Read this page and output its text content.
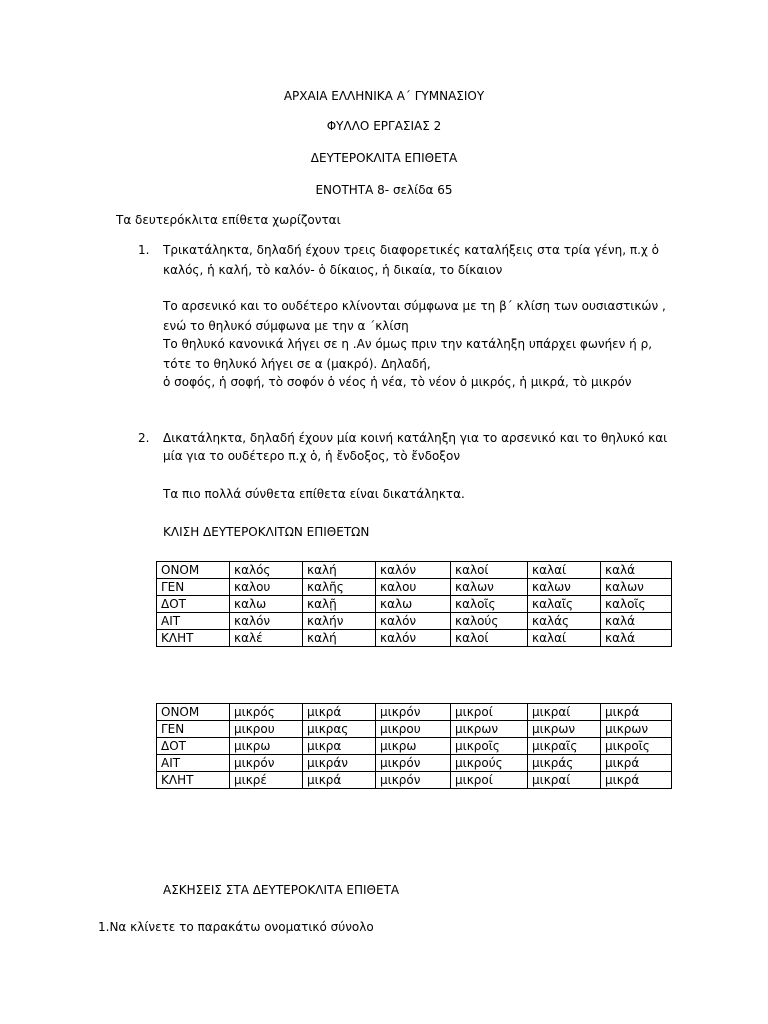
ΑΡΧΑΙΑ ΕΛΛΗΝΙΚΑ Α΄ ΓΥΜΝΑΣΙΟΥ
ΦΥΛΛΟ ΕΡΓΑΣΙΑΣ 2
ΔΕΥΤΕΡΟΚΛΙΤΑ ΕΠΙΘΕΤΑ
ΕΝΟΤΗΤΑ 8- σελίδα 65
Τα δευτερόκλιτα επίθετα χωρίζονται
1. Τρικατάληκτα, δηλαδή έχουν τρεις διαφορετικές καταλήξεις στα τρία γένη, π.χ ὁ
καλός, ἡ καλή, τὸ καλόν- ὁ δίκαιος, ἡ δικαία, το δίκαιον
Το αρσενικό και το ουδέτερο κλίνονται σύμφωνα με τη β΄ κλίση των ουσιαστικών ,
ενώ το θηλυκό σύμφωνα με την α ΄κλίση
Το θηλυκό κανονικά λήγει σε η .Αν όμως πριν την κατάληξη υπάρχει φωνήεν ή ρ,
τότε το θηλυκό λήγει σε α (μακρό). Δηλαδή,
ὁ σοφός, ἡ σοφή, τὸ σοφόν ὁ νέος ἡ νέα, τὸ νέον ὁ μικρός, ἡ μικρά, τὸ μικρόν
2. Δικατάληκτα, δηλαδή έχουν μία κοινή κατάληξη για το αρσενικό και το θηλυκό και
μία για το ουδέτερο π.χ ὁ, ἡ ἔνδοξος, τὸ ἔνδοξον
Τα πιο πολλά σύνθετα επίθετα είναι δικατάληκτα.
ΚΛΙΣΗ ΔΕΥΤΕΡΟΚΛΙΤΩΝ ΕΠΙΘΕΤΩΝ
ΟΝΟΜ	καλός	καλή	καλόν	καλοί	καλαί	καλά
ΓΕΝ	καλου	καλῆς	καλου	καλων	καλων	καλων
ΔΟΤ	καλω	καλῇ	καλω	καλοῖς	καλαῖς	καλοῖς
ΑΙΤ	καλόν	καλήν	καλόν	καλούς	καλάς	καλά
ΚΛΗΤ	καλέ	καλή	καλόν	καλοί	καλαί	καλά
ΟΝΟΜ	μικρός	μικρά	μικρόν	μικροί	μικραί	μικρά
ΓΕΝ	μικρου	μικρας	μικρου	μικρων	μικρων	μικρων
ΔΟΤ	μικρω	μικρα	μικρω	μικροῖς	μικραῖς	μικροῖς
ΑΙΤ	μικρόν	μικράν	μικρόν	μικρούς	μικράς	μικρά
ΚΛΗΤ	μικρέ	μικρά	μικρόν	μικροί	μικραί	μικρά
ΑΣΚΗΣΕΙΣ ΣΤΑ ΔΕΥΤΕΡΟΚΛΙΤΑ ΕΠΙΘΕΤΑ
1.Να κλίνετε το παρακάτω ονοματικό σύνολο
